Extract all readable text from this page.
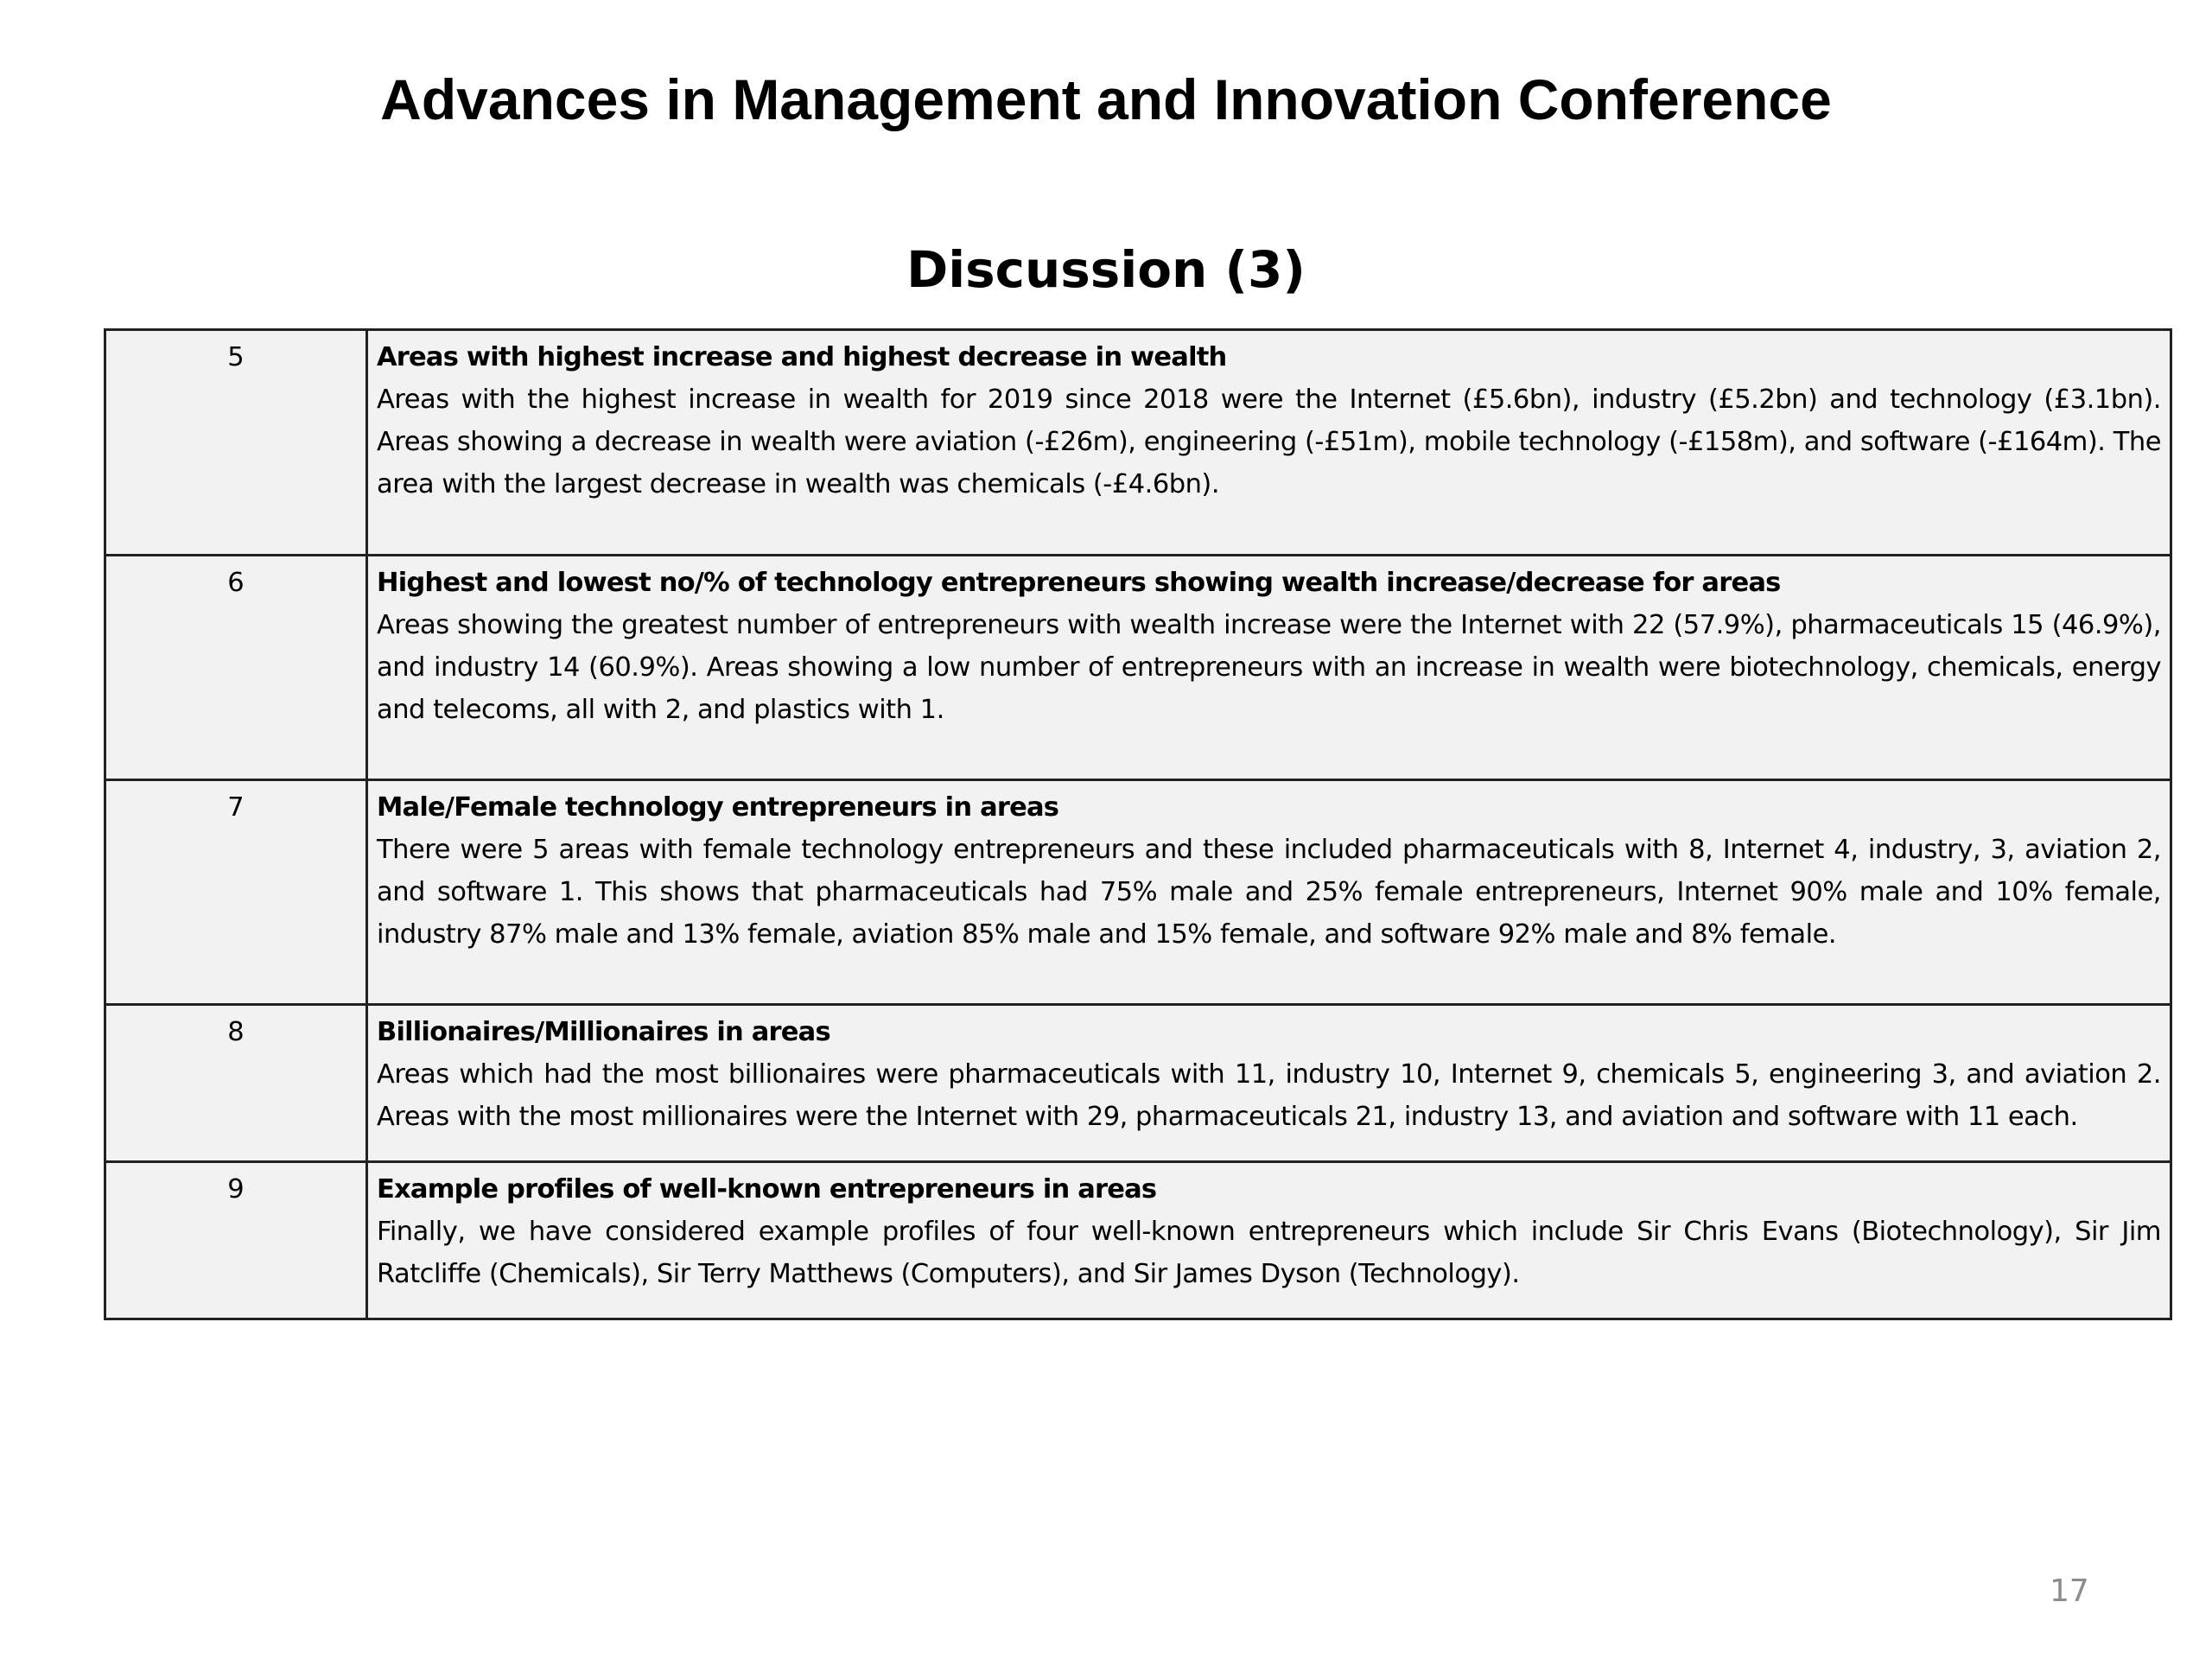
Advances in Management and Innovation Conference
Discussion (3)
5	Areas with highest increase and highest decrease in wealth
Areas with the highest increase in wealth for 2019 since 2018 were the Internet (£5.6bn), industry (£5.2bn) and technology (£3.1bn). Areas showing a decrease in wealth were aviation (-£26m), engineering (-£51m), mobile technology (-£158m), and software (-£164m). The area with the largest decrease in wealth was chemicals (-£4.6bn).

6	Highest and lowest no/% of technology entrepreneurs showing wealth increase/decrease for areas
Areas showing the greatest number of entrepreneurs with wealth increase were the Internet with 22 (57.9%), pharmaceuticals 15 (46.9%), and industry 14 (60.9%). Areas showing a low number of entrepreneurs with an increase in wealth were biotechnology, chemicals, energy and telecoms, all with 2, and plastics with 1.

7	Male/Female technology entrepreneurs in areas
There were 5 areas with female technology entrepreneurs and these included pharmaceuticals with 8, Internet 4, industry, 3, aviation 2, and software 1. This shows that pharmaceuticals had 75% male and 25% female entrepreneurs, Internet 90% male and 10% female, industry 87% male and 13% female, aviation 85% male and 15% female, and software 92% male and 8% female.

8	Billionaires/Millionaires in areas
Areas which had the most billionaires were pharmaceuticals with 11, industry 10, Internet 9, chemicals 5, engineering 3, and aviation 2. Areas with the most millionaires were the Internet with 29, pharmaceuticals 21, industry 13, and aviation and software with 11 each.

9	Example profiles of well-known entrepreneurs in areas
Finally, we have considered example profiles of four well-known entrepreneurs which include Sir Chris Evans (Biotechnology), Sir Jim Ratcliffe (Chemicals), Sir Terry Matthews (Computers), and Sir James Dyson (Technology).
17
